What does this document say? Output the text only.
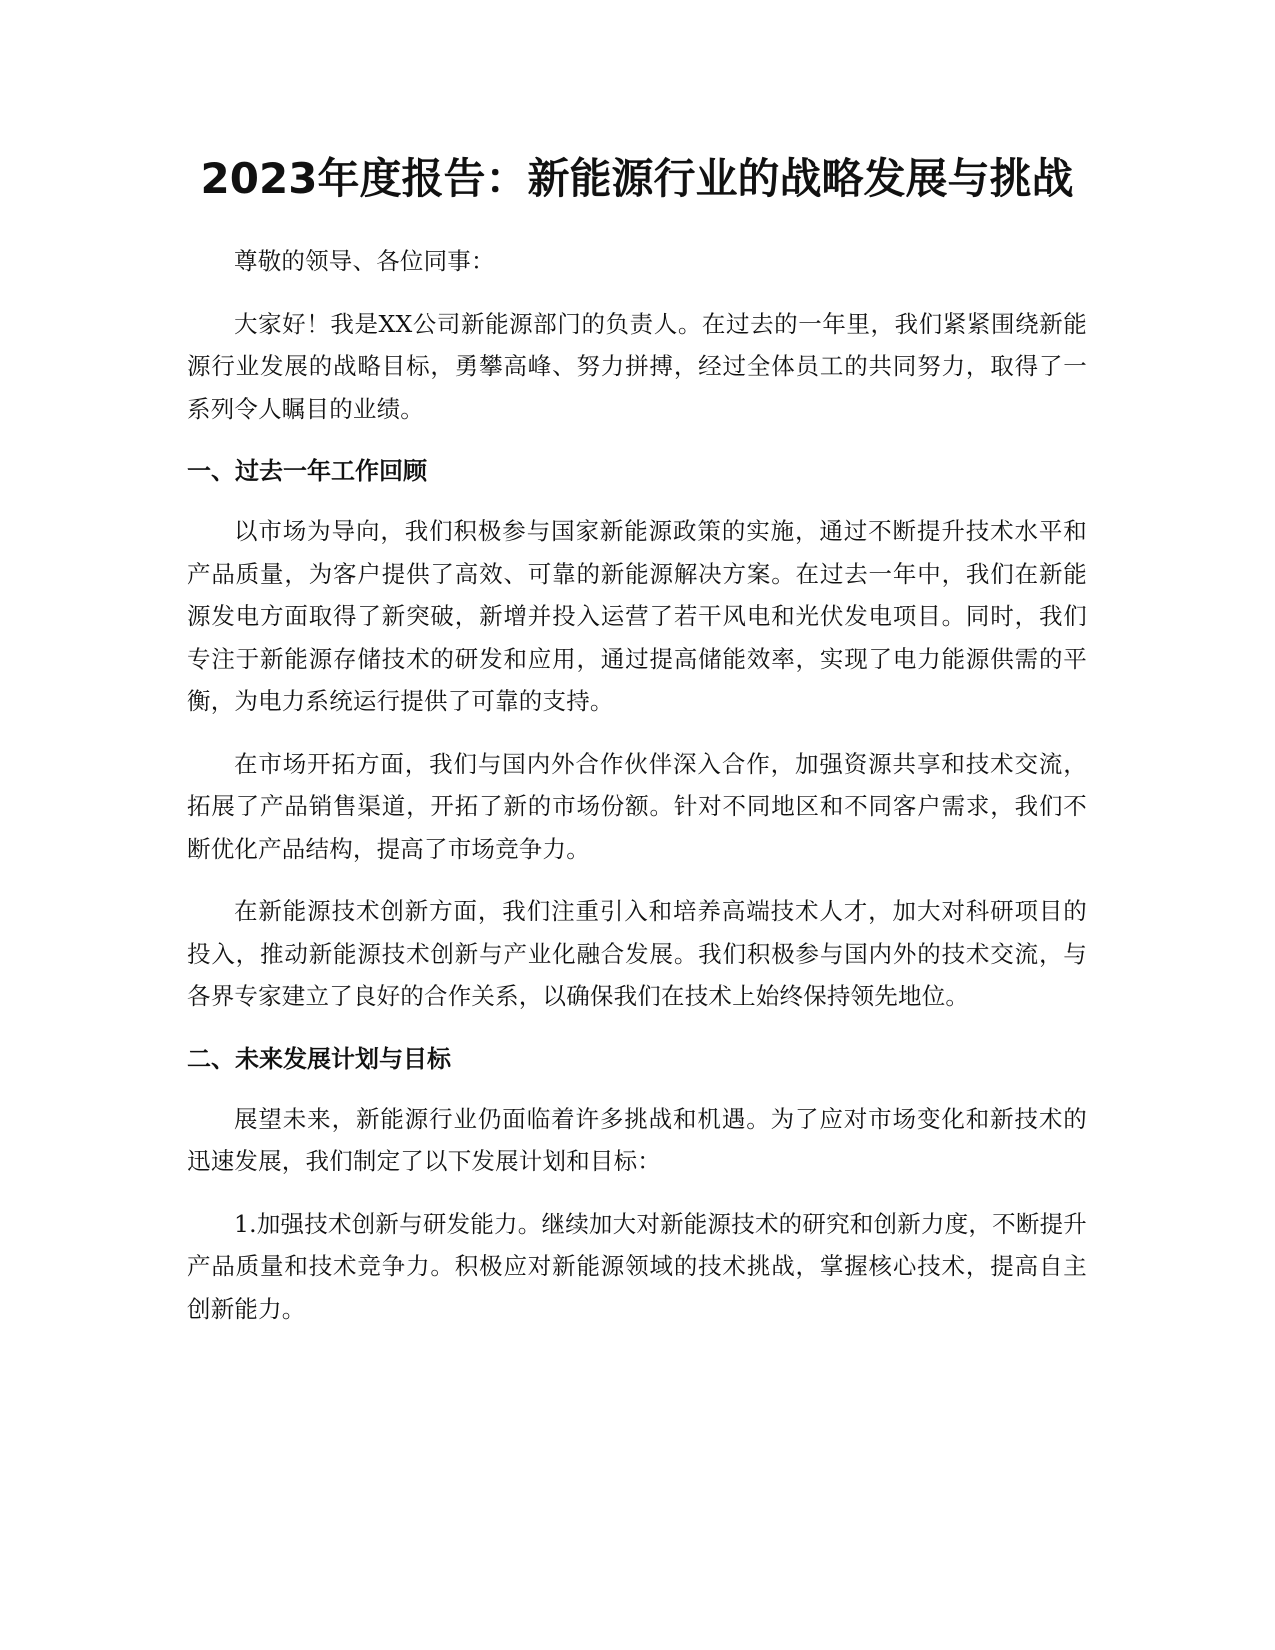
2023年度报告：新能源行业的战略发展与挑战

尊敬的领导、各位同事：

大家好！我是XX公司新能源部门的负责人。在过去的一年里，我们紧紧围绕新能源行业发展的战略目标，勇攀高峰、努力拼搏，经过全体员工的共同努力，取得了一系列令人瞩目的业绩。

一、过去一年工作回顾

以市场为导向，我们积极参与国家新能源政策的实施，通过不断提升技术水平和产品质量，为客户提供了高效、可靠的新能源解决方案。在过去一年中，我们在新能源发电方面取得了新突破，新增并投入运营了若干风电和光伏发电项目。同时，我们专注于新能源存储技术的研发和应用，通过提高储能效率，实现了电力能源供需的平衡，为电力系统运行提供了可靠的支持。

在市场开拓方面，我们与国内外合作伙伴深入合作，加强资源共享和技术交流，拓展了产品销售渠道，开拓了新的市场份额。针对不同地区和不同客户需求，我们不断优化产品结构，提高了市场竞争力。

在新能源技术创新方面，我们注重引入和培养高端技术人才，加大对科研项目的投入，推动新能源技术创新与产业化融合发展。我们积极参与国内外的技术交流，与各界专家建立了良好的合作关系，以确保我们在技术上始终保持领先地位。

二、未来发展计划与目标

展望未来，新能源行业仍面临着许多挑战和机遇。为了应对市场变化和新技术的迅速发展，我们制定了以下发展计划和目标：

1.加强技术创新与研发能力。继续加大对新能源技术的研究和创新力度，不断提升产品质量和技术竞争力。积极应对新能源领域的技术挑战，掌握核心技术，提高自主创新能力。
